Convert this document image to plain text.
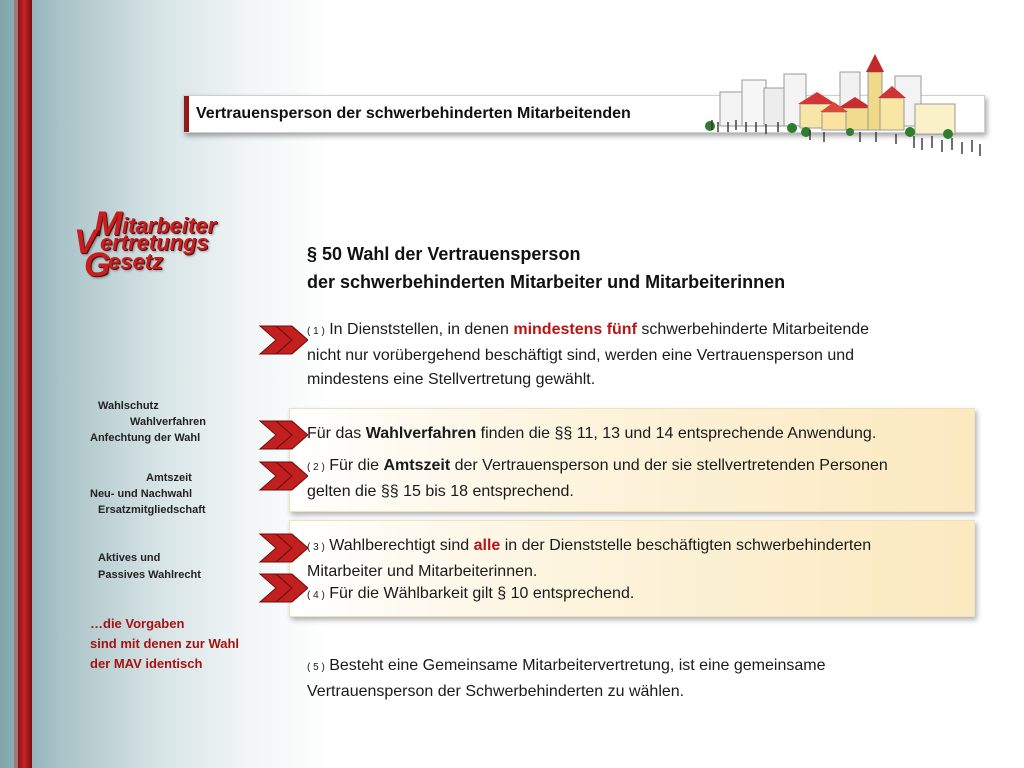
Vertrauensperson der schwerbehinderten Mitarbeitenden
M itarbeiter
V ertretungs
G
esetz
Wahlschutz
Wahlverfahren
Anfechtung der Wahl
Amtszeit
Neu- und Nachwahl
Ersatzmitgliedschaft
Aktives und
Passives Wahlrecht
…die Vorgaben
sind mit denen zur Wahl
der MAV identisch
§ 50 Wahl der Vertrauensperson
der schwerbehinderten Mitarbeiter und Mitarbeiterinnen
( 1 ) In Dienststellen, in denen mindestens fünf schwerbehinderte Mitarbeitende
nicht nur vorübergehend beschäftigt sind, werden eine Vertrauensperson und
mindestens eine Stellvertretung gewählt.
Für das Wahlverfahren finden die §§ 11, 13 und 14 entsprechende Anwendung.
( 2 ) Für die Amtszeit der Vertrauensperson und der sie stellvertretenden Personen
gelten die §§ 15 bis 18 entsprechend.
( 3 ) Wahlberechtigt sind alle in der Dienststelle beschäftigten schwerbehinderten
Mitarbeiter und Mitarbeiterinnen.
( 4 ) Für die Wählbarkeit gilt § 10 entsprechend.
( 5 ) Besteht eine Gemeinsame Mitarbeitervertretung, ist eine gemeinsame
Vertrauensperson der Schwerbehinderten zu wählen.
